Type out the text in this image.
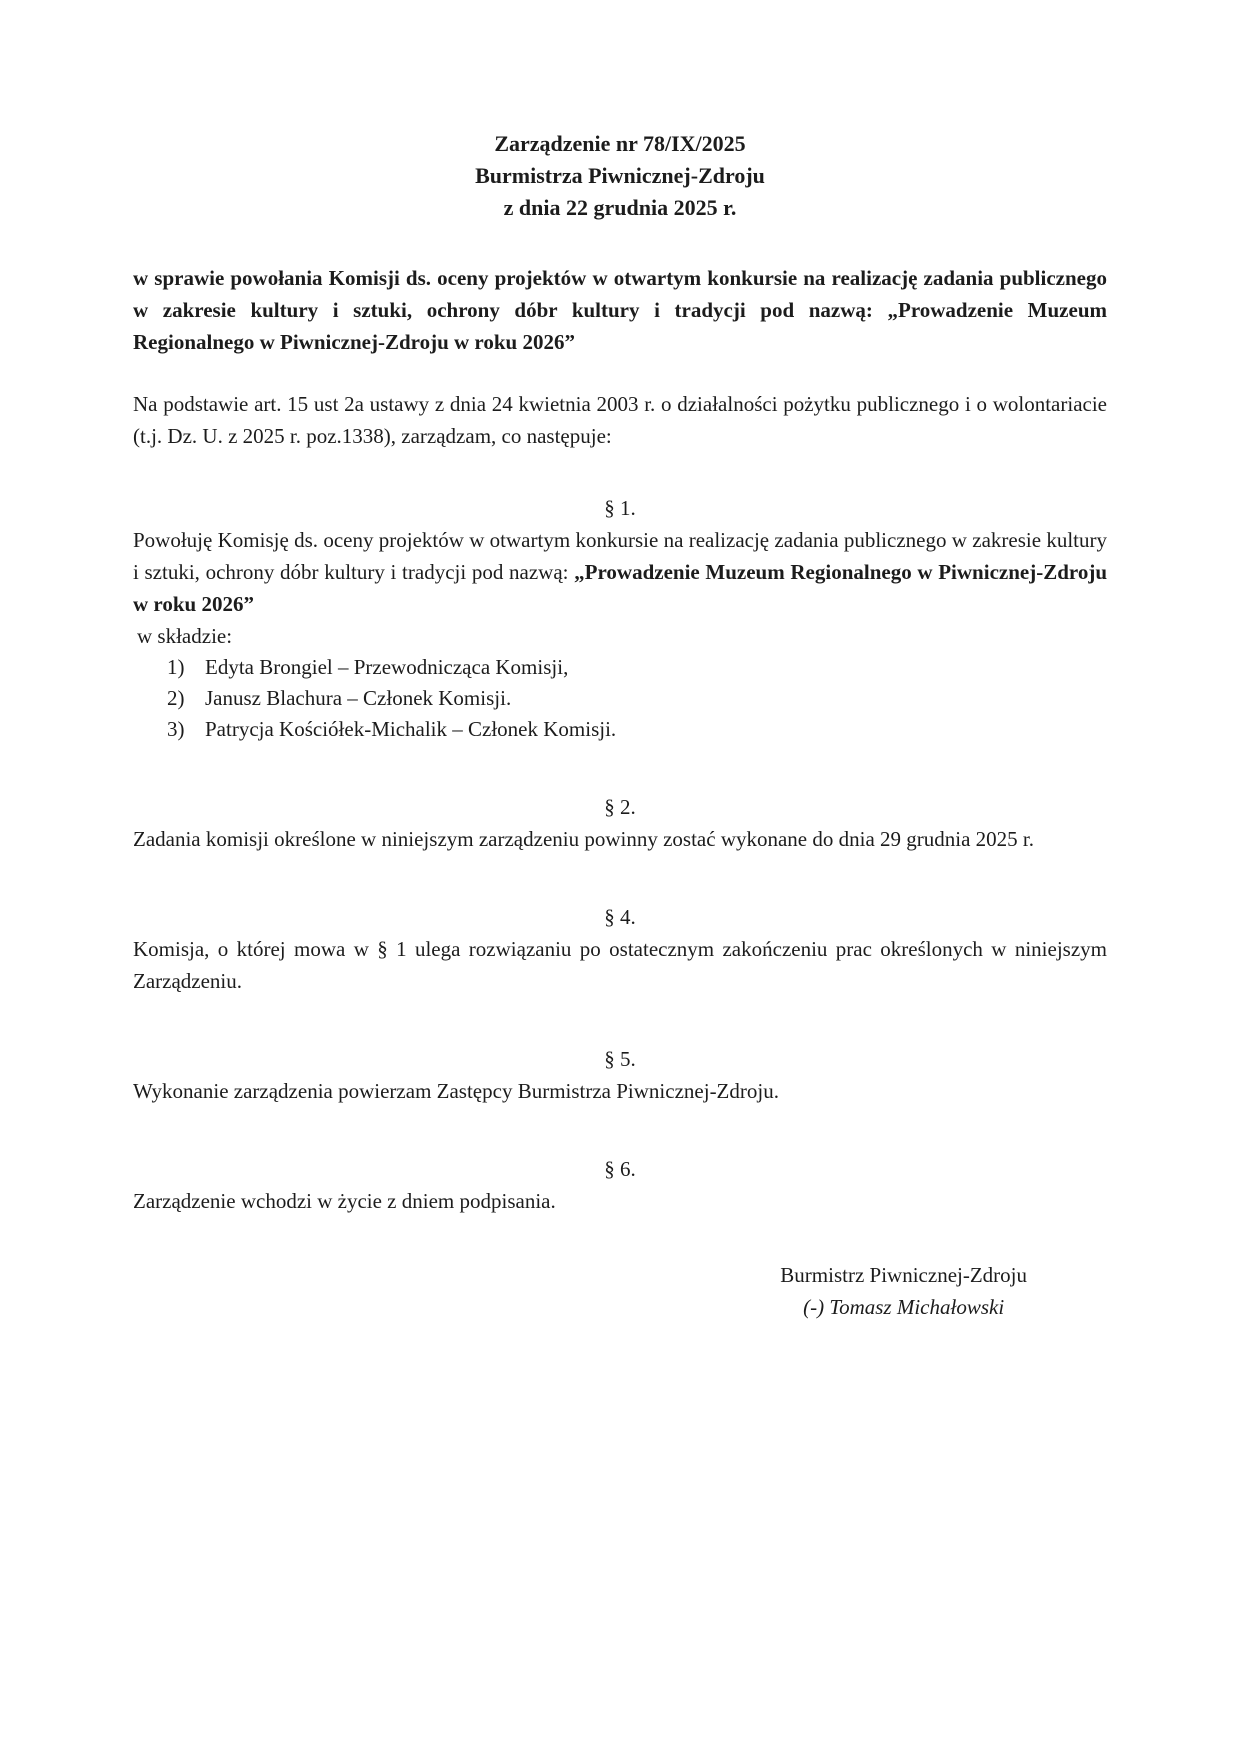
Zarządzenie nr 78/IX/2025
Burmistrza Piwnicznej-Zdroju
z dnia 22 grudnia 2025 r.

w sprawie powołania Komisji ds. oceny projektów w otwartym konkursie na realizację zadania publicznego w zakresie kultury i sztuki, ochrony dóbr kultury i tradycji pod nazwą: „Prowadzenie Muzeum Regionalnego w Piwnicznej-Zdroju w roku 2026”

Na podstawie art. 15 ust 2a ustawy z dnia 24 kwietnia 2003 r. o działalności pożytku publicznego i o wolontariacie (t.j. Dz. U. z 2025 r. poz.1338), zarządzam, co następuje:

§ 1.

Powołuję Komisję ds. oceny projektów w otwartym konkursie na realizację zadania publicznego w zakresie kultury i sztuki, ochrony dóbr kultury i tradycji pod nazwą: „Prowadzenie Muzeum Regionalnego w Piwnicznej-Zdroju w roku 2026”

w składzie:
1) Edyta Brongiel – Przewodnicząca Komisji,
2) Janusz Blachura – Członek Komisji.
3) Patrycja Kościółek-Michalik – Członek Komisji.
§ 2.

Zadania komisji określone w niniejszym zarządzeniu powinny zostać wykonane do dnia 29 grudnia 2025 r.

§ 4.

Komisja, o której mowa w § 1 ulega rozwiązaniu po ostatecznym zakończeniu prac określonych w niniejszym Zarządzeniu.

§ 5.

Wykonanie zarządzenia powierzam Zastępcy Burmistrza Piwnicznej-Zdroju.

§ 6.

Zarządzenie wchodzi w życie z dniem podpisania.

Burmistrz Piwnicznej-Zdroju
(-) Tomasz Michałowski
